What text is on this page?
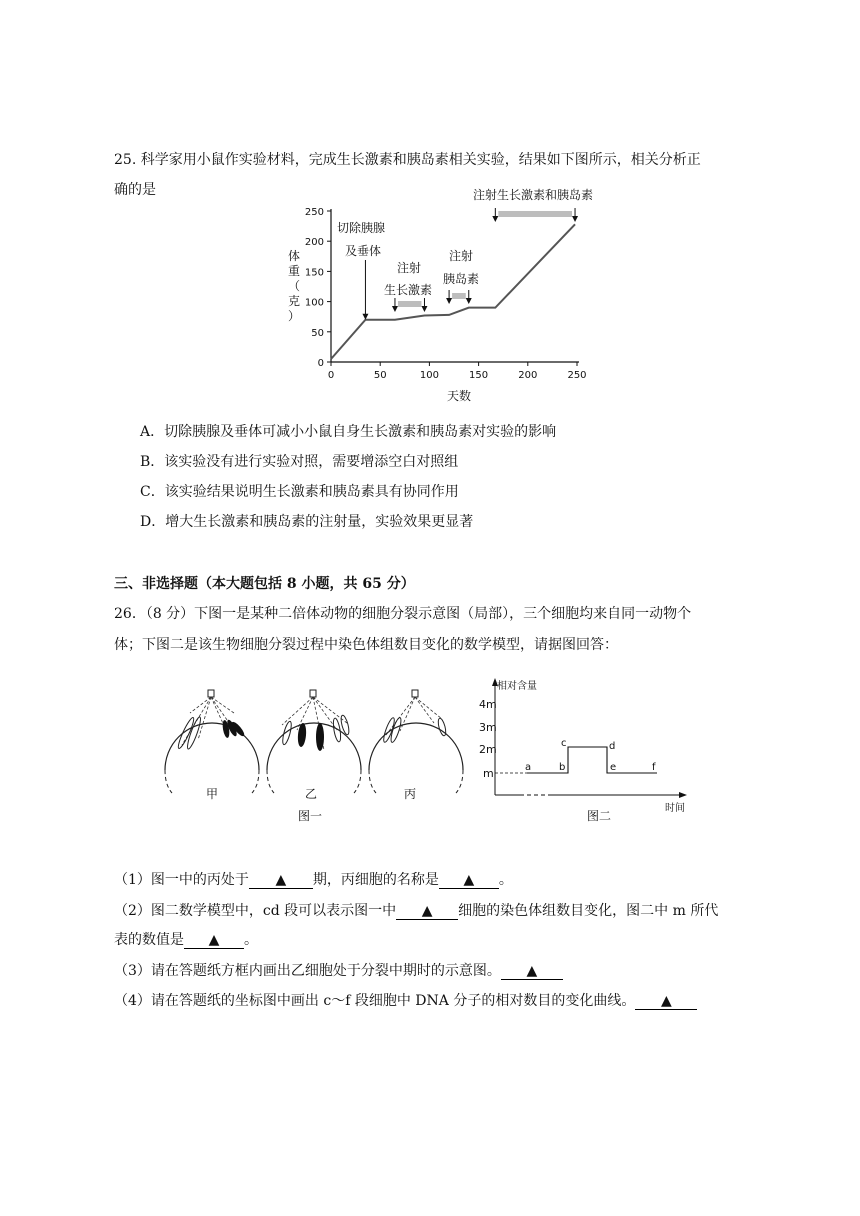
25. 科学家用小鼠作实验材料，完成生长激素和胰岛素相关实验，结果如下图所示，相关分析正
确的是
0	50	100	150	200	250
0
50
100
150
200
250
体
重
（
克
）
天数
切除胰腺
及垂体
注射
生长激素
注射
胰岛素
注射生长激素和胰岛素
A．切除胰腺及垂体可减小小鼠自身生长激素和胰岛素对实验的影响
B．该实验没有进行实验对照，需要增添空白对照组
C．该实验结果说明生长激素和胰岛素具有协同作用
D．增大生长激素和胰岛素的注射量，实验效果更显著
三、非选择题（本大题包括 8 小题，共 65 分）
26．（8 分）下图一是某种二倍体动物的细胞分裂示意图（局部），三个细胞均来自同一动物个
体；下图二是该生物细胞分裂过程中染色体组数目变化的数学模型，请据图回答：
甲	乙	丙
图一
相对含量
时间
4m
3m
2m
m	a	b
c	d
e	f
图二
（1）图一中的丙处于 ▲ 期，丙细胞的名称是 ▲ 。
（2）图二数学模型中，cd 段可以表示图一中 ▲ 细胞的染色体组数目变化，图二中 m 所代
表的数值是 ▲ 。
（3）请在答题纸方框内画出乙细胞处于分裂中期时的示意图。 ▲
（4）请在答题纸的坐标图中画出 c～f 段细胞中 DNA 分子的相对数目的变化曲线。 ▲
